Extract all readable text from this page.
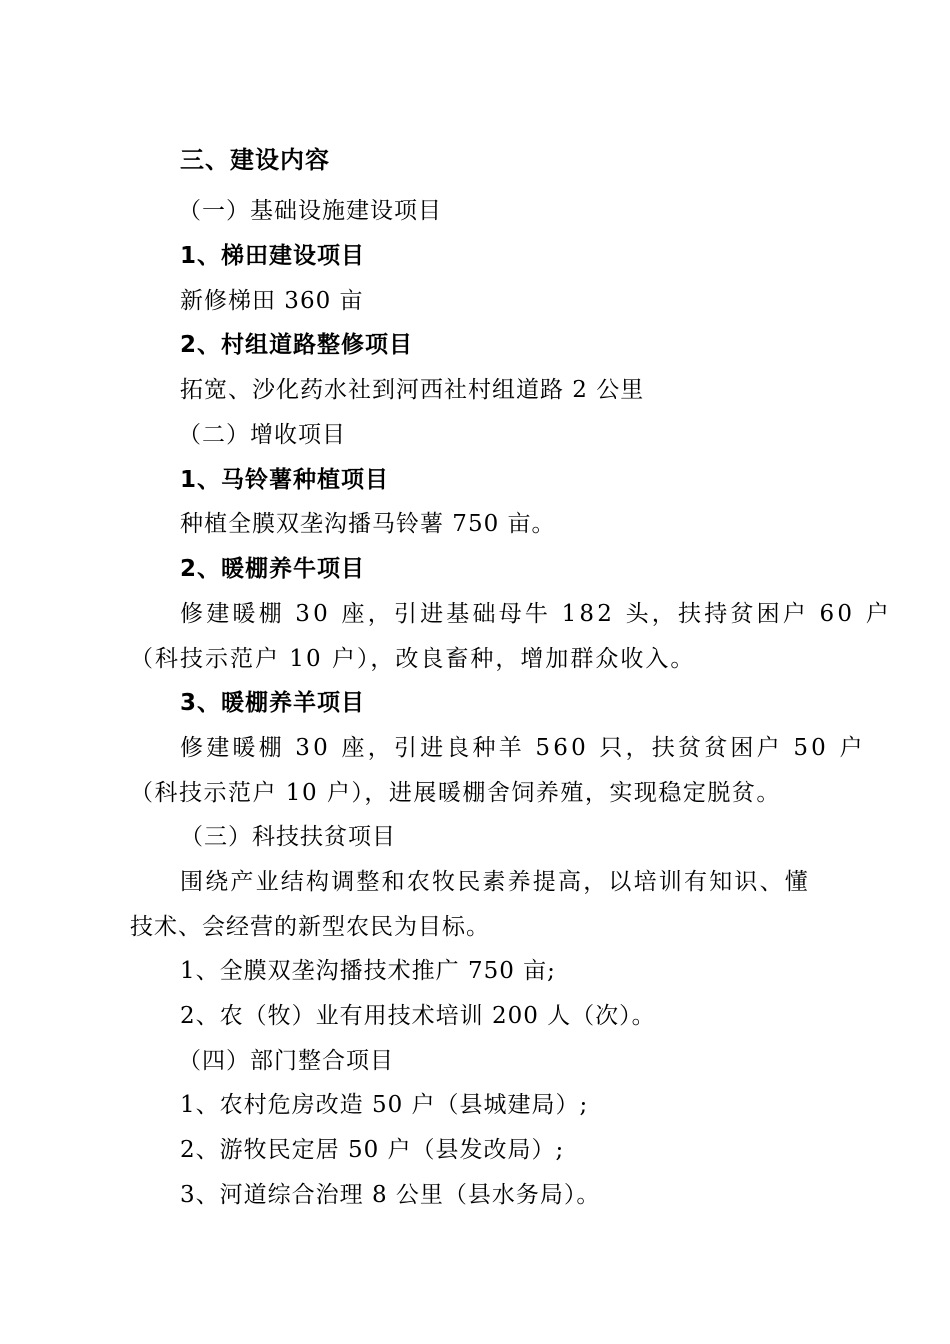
三、建设内容
（一）基础设施建设项目
1、梯田建设项目
新修梯田 360 亩
2、村组道路整修项目
拓宽、沙化药水社到河西社村组道路 2 公里
（二）增收项目
1、马铃薯种植项目
种植全膜双垄沟播马铃薯 750 亩。
2、暖棚养牛项目
修建暖棚 30 座，引进基础母牛 182 头，扶持贫困户 60 户
（科技示范户 10 户），改良畜种，增加群众收入。
3、暖棚养羊项目
修建暖棚 30 座，引进良种羊 560 只，扶贫贫困户 50 户
（科技示范户 10 户），进展暖棚舍饲养殖，实现稳定脱贫。
（三）科技扶贫项目
围绕产业结构调整和农牧民素养提高，以培训有知识、懂
技术、会经营的新型农民为目标。
1、全膜双垄沟播技术推广 750 亩;
2、农（牧）业有用技术培训 200 人（次）。
（四）部门整合项目
1、农村危房改造 50 户（县城建局）;
2、游牧民定居 50 户（县发改局）;
3、河道综合治理 8 公里（县水务局）。
